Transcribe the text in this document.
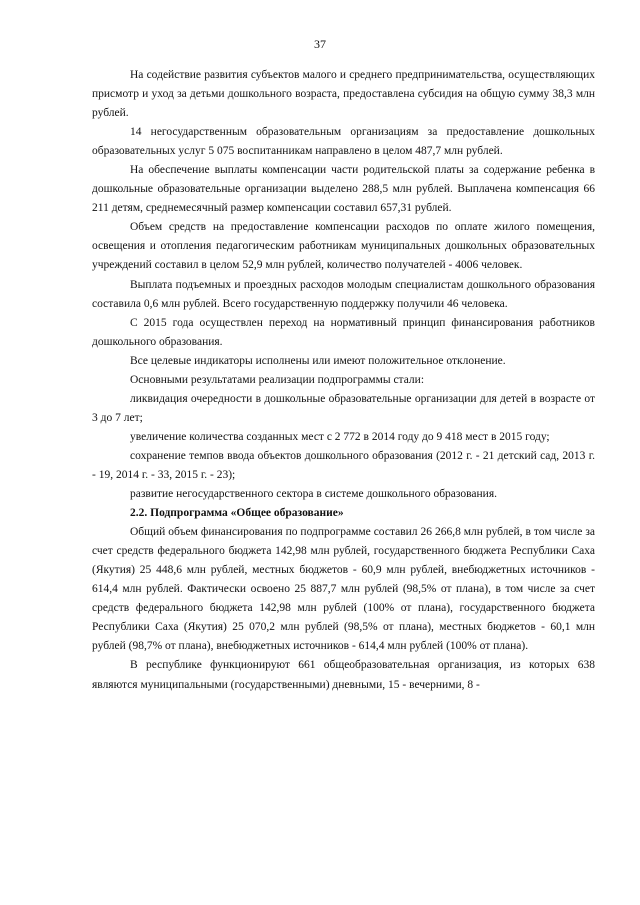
37

На содействие развития субъектов малого и среднего предпринимательства, осуществляющих присмотр и уход за детьми дошкольного возраста, предоставлена субсидия на общую сумму 38,3 млн рублей.

14 негосударственным образовательным организациям за предоставление дошкольных образовательных услуг 5 075 воспитанникам направлено в целом 487,7 млн рублей.

На обеспечение выплаты компенсации части родительской платы за содержание ребенка в дошкольные образовательные организации выделено 288,5 млн рублей. Выплачена компенсация 66 211 детям, среднемесячный размер компенсации составил 657,31 рублей.

Объем средств на предоставление компенсации расходов по оплате жилого помещения, освещения и отопления педагогическим работникам муниципальных дошкольных образовательных учреждений составил в целом 52,9 млн рублей, количество получателей - 4006 человек.

Выплата подъемных и проездных расходов молодым специалистам дошкольного образования составила 0,6 млн рублей. Всего государственную поддержку получили 46 человека.

С 2015 года осуществлен переход на нормативный принцип финансирования работников дошкольного образования.

Все целевые индикаторы исполнены или имеют положительное отклонение.

Основными результатами реализации подпрограммы стали:

ликвидация очередности в дошкольные образовательные организации для детей в возрасте от 3 до 7 лет;

увеличение количества созданных мест с 2 772 в 2014 году до 9 418 мест в 2015 году;

сохранение темпов ввода объектов дошкольного образования (2012 г. - 21 детский сад, 2013 г. - 19, 2014 г. - 33, 2015 г. - 23);

развитие негосударственного сектора в системе дошкольного образования.

2.2. Подпрограмма «Общее образование»

Общий объем финансирования по подпрограмме составил 26 266,8 млн рублей, в том числе за счет средств федерального бюджета 142,98 млн рублей, государственного бюджета Республики Саха (Якутия) 25 448,6 млн рублей, местных бюджетов - 60,9 млн рублей, внебюджетных источников - 614,4 млн рублей. Фактически освоено 25 887,7 млн рублей (98,5% от плана), в том числе за счет средств федерального бюджета 142,98 млн рублей (100% от плана), государственного бюджета Республики Саха (Якутия) 25 070,2 млн рублей (98,5% от плана), местных бюджетов - 60,1 млн рублей (98,7% от плана), внебюджетных источников - 614,4 млн рублей (100% от плана).

В республике функционируют 661 общеобразовательная организация, из которых 638 являются муниципальными (государственными) дневными, 15 - вечерними, 8 -
